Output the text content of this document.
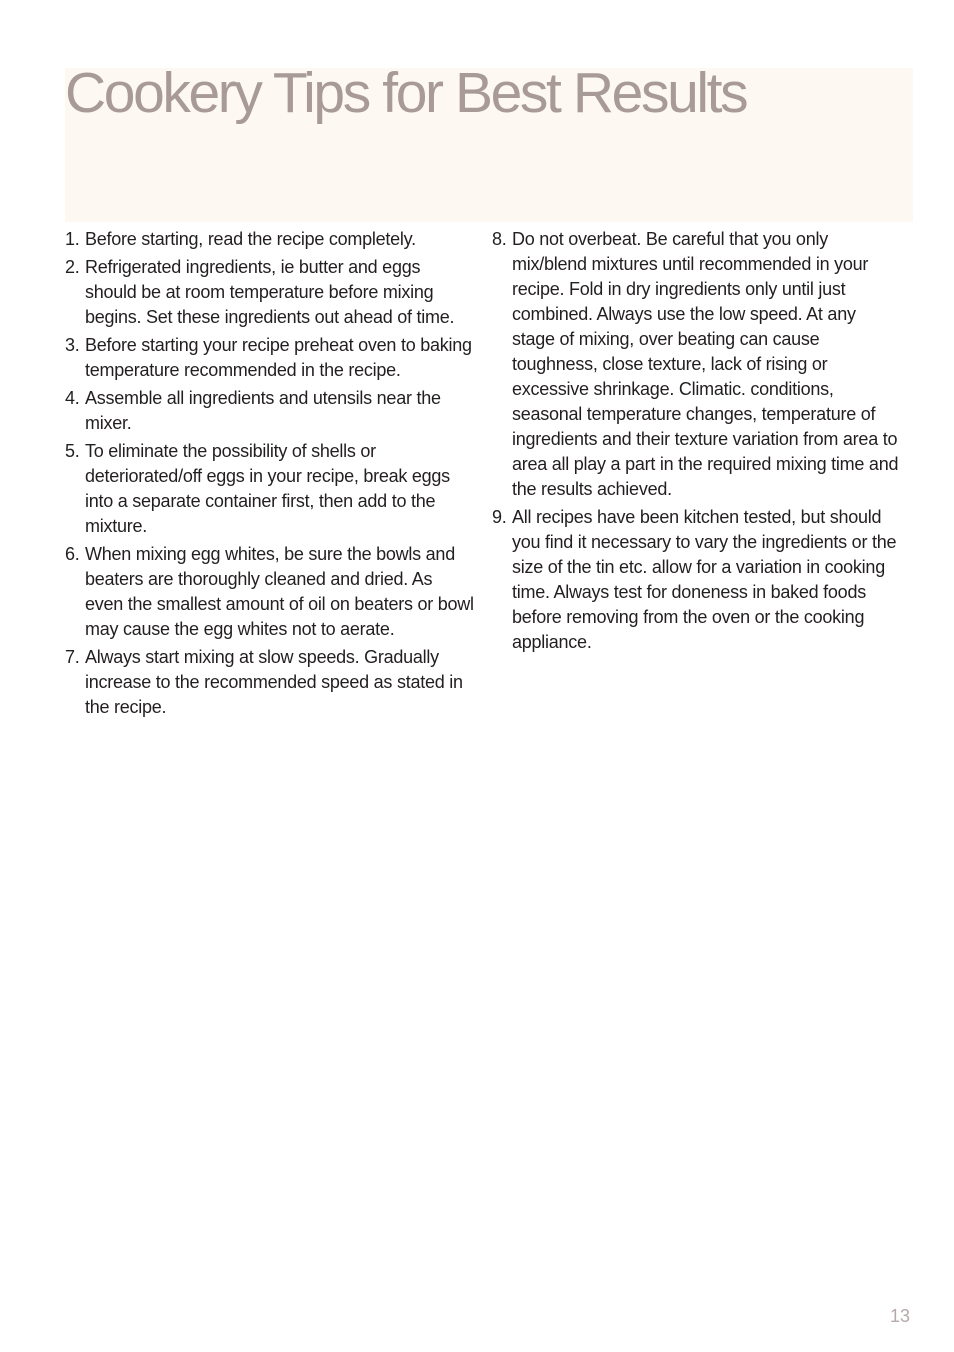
Cookery Tips for Best Results
1. Before starting, read the recipe completely.
2. Refrigerated ingredients, ie butter and eggs should be at room temperature before mixing begins. Set these ingredients out ahead of time.
3. Before starting your recipe preheat oven to baking temperature recommended in the recipe.
4. Assemble all ingredients and utensils near the mixer.
5. To eliminate the possibility of shells or deteriorated/off eggs in your recipe, break eggs into a separate container first, then add to the mixture.
6. When mixing egg whites, be sure the bowls and beaters are thoroughly cleaned and dried. As even the smallest amount of oil on beaters or bowl may cause the egg whites not to aerate.
7. Always start mixing at slow speeds. Gradually increase to the recommended speed as stated in the recipe.
8. Do not overbeat. Be careful that you only mix/blend mixtures until recommended in your recipe. Fold in dry ingredients only until just combined. Always use the low speed. At any stage of mixing, over beating can cause toughness, close texture, lack of rising or excessive shrinkage. Climatic. conditions, seasonal temperature changes, temperature of ingredients and their texture variation from area to area all play a part in the required mixing time and the results achieved.
9. All recipes have been kitchen tested, but should you find it necessary to vary the ingredients or the size of the tin etc. allow for a variation in cooking time. Always test for doneness in baked foods before removing from the oven or the cooking appliance.
13
